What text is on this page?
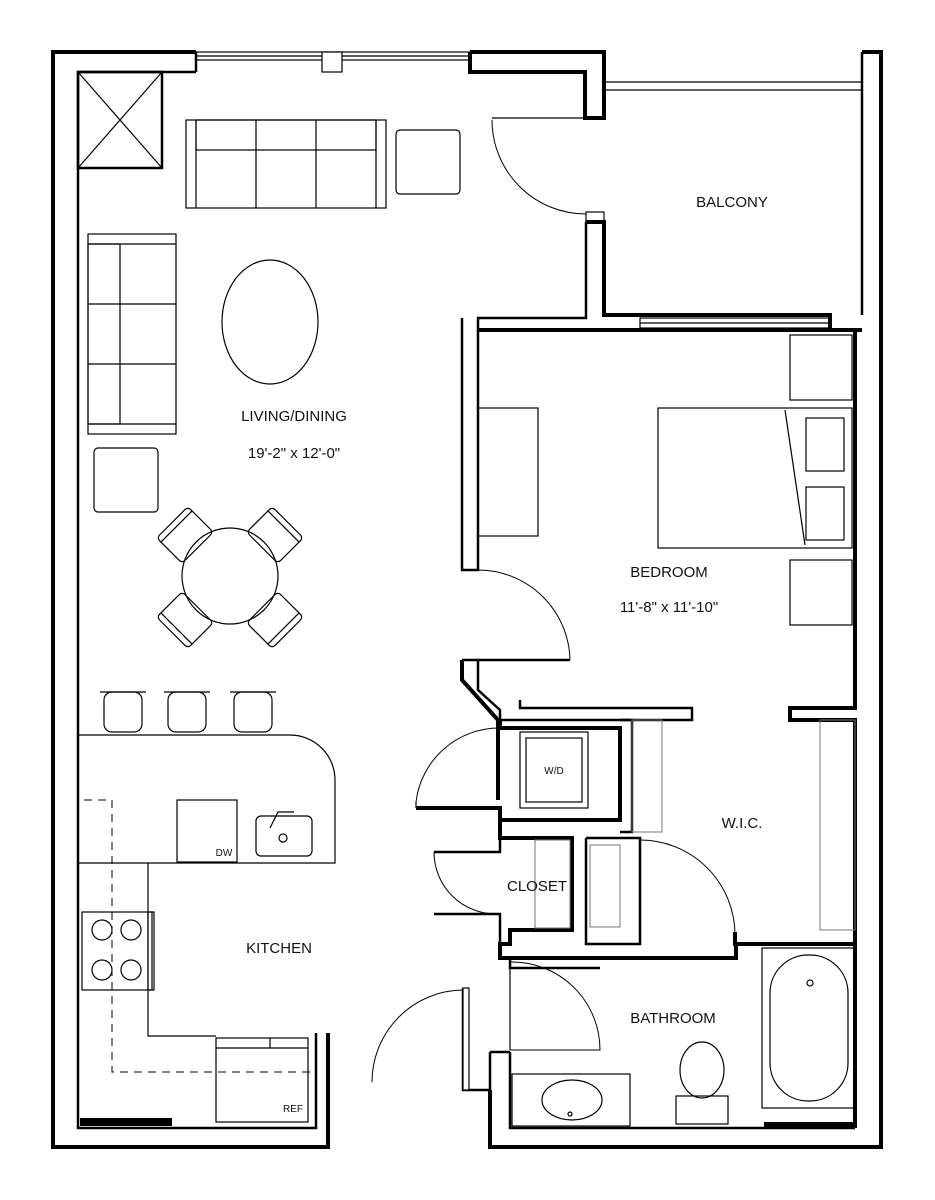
LIVING/DINING
19'-2" x 12'-0"
BALCONY
BEDROOM
11'-8" x 11'-10"
W.I.C.
CLOSET
KITCHEN
BATHROOM
W/D
DW
REF
